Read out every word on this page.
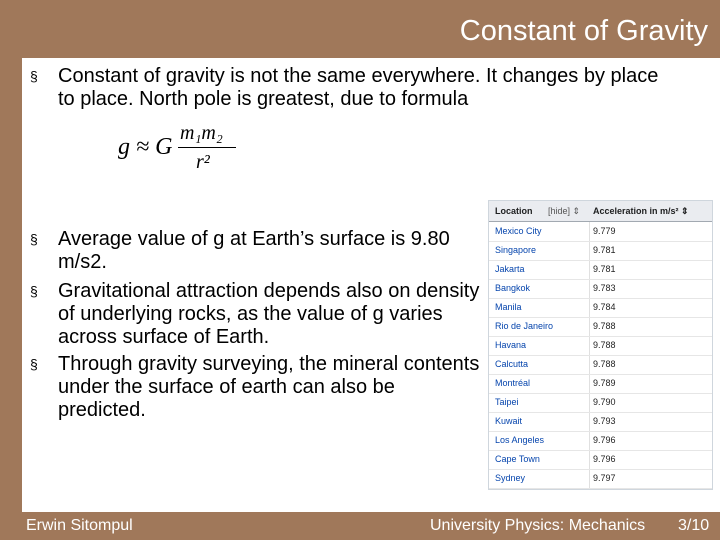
Constant of Gravity
§	Constant of gravity is not the same everywhere. It changes by place to place. North pole is greatest, due to formula
g ≈ G
m₁m₂
r²
§	Average value of g at Earth’s surface is 9.80 m/s2.
§	Gravitational attraction depends also on density of underlying rocks, as the value of g varies across surface of Earth.
§	Through gravity surveying, the mineral contents under the surface of earth can also be predicted.
Location [hide] ⇕ Acceleration in m/s² ⇕
Mexico City	9.779
Singapore	9.781
Jakarta	9.781
Bangkok	9.783
Manila	9.784
Rio de Janeiro	9.788
Havana	9.788
Calcutta	9.788
Montréal	9.789
Taipei	9.790
Kuwait	9.793
Los Angeles	9.796
Cape Town	9.796
Sydney	9.797
Erwin Sitompul	University Physics: Mechanics 3/10
